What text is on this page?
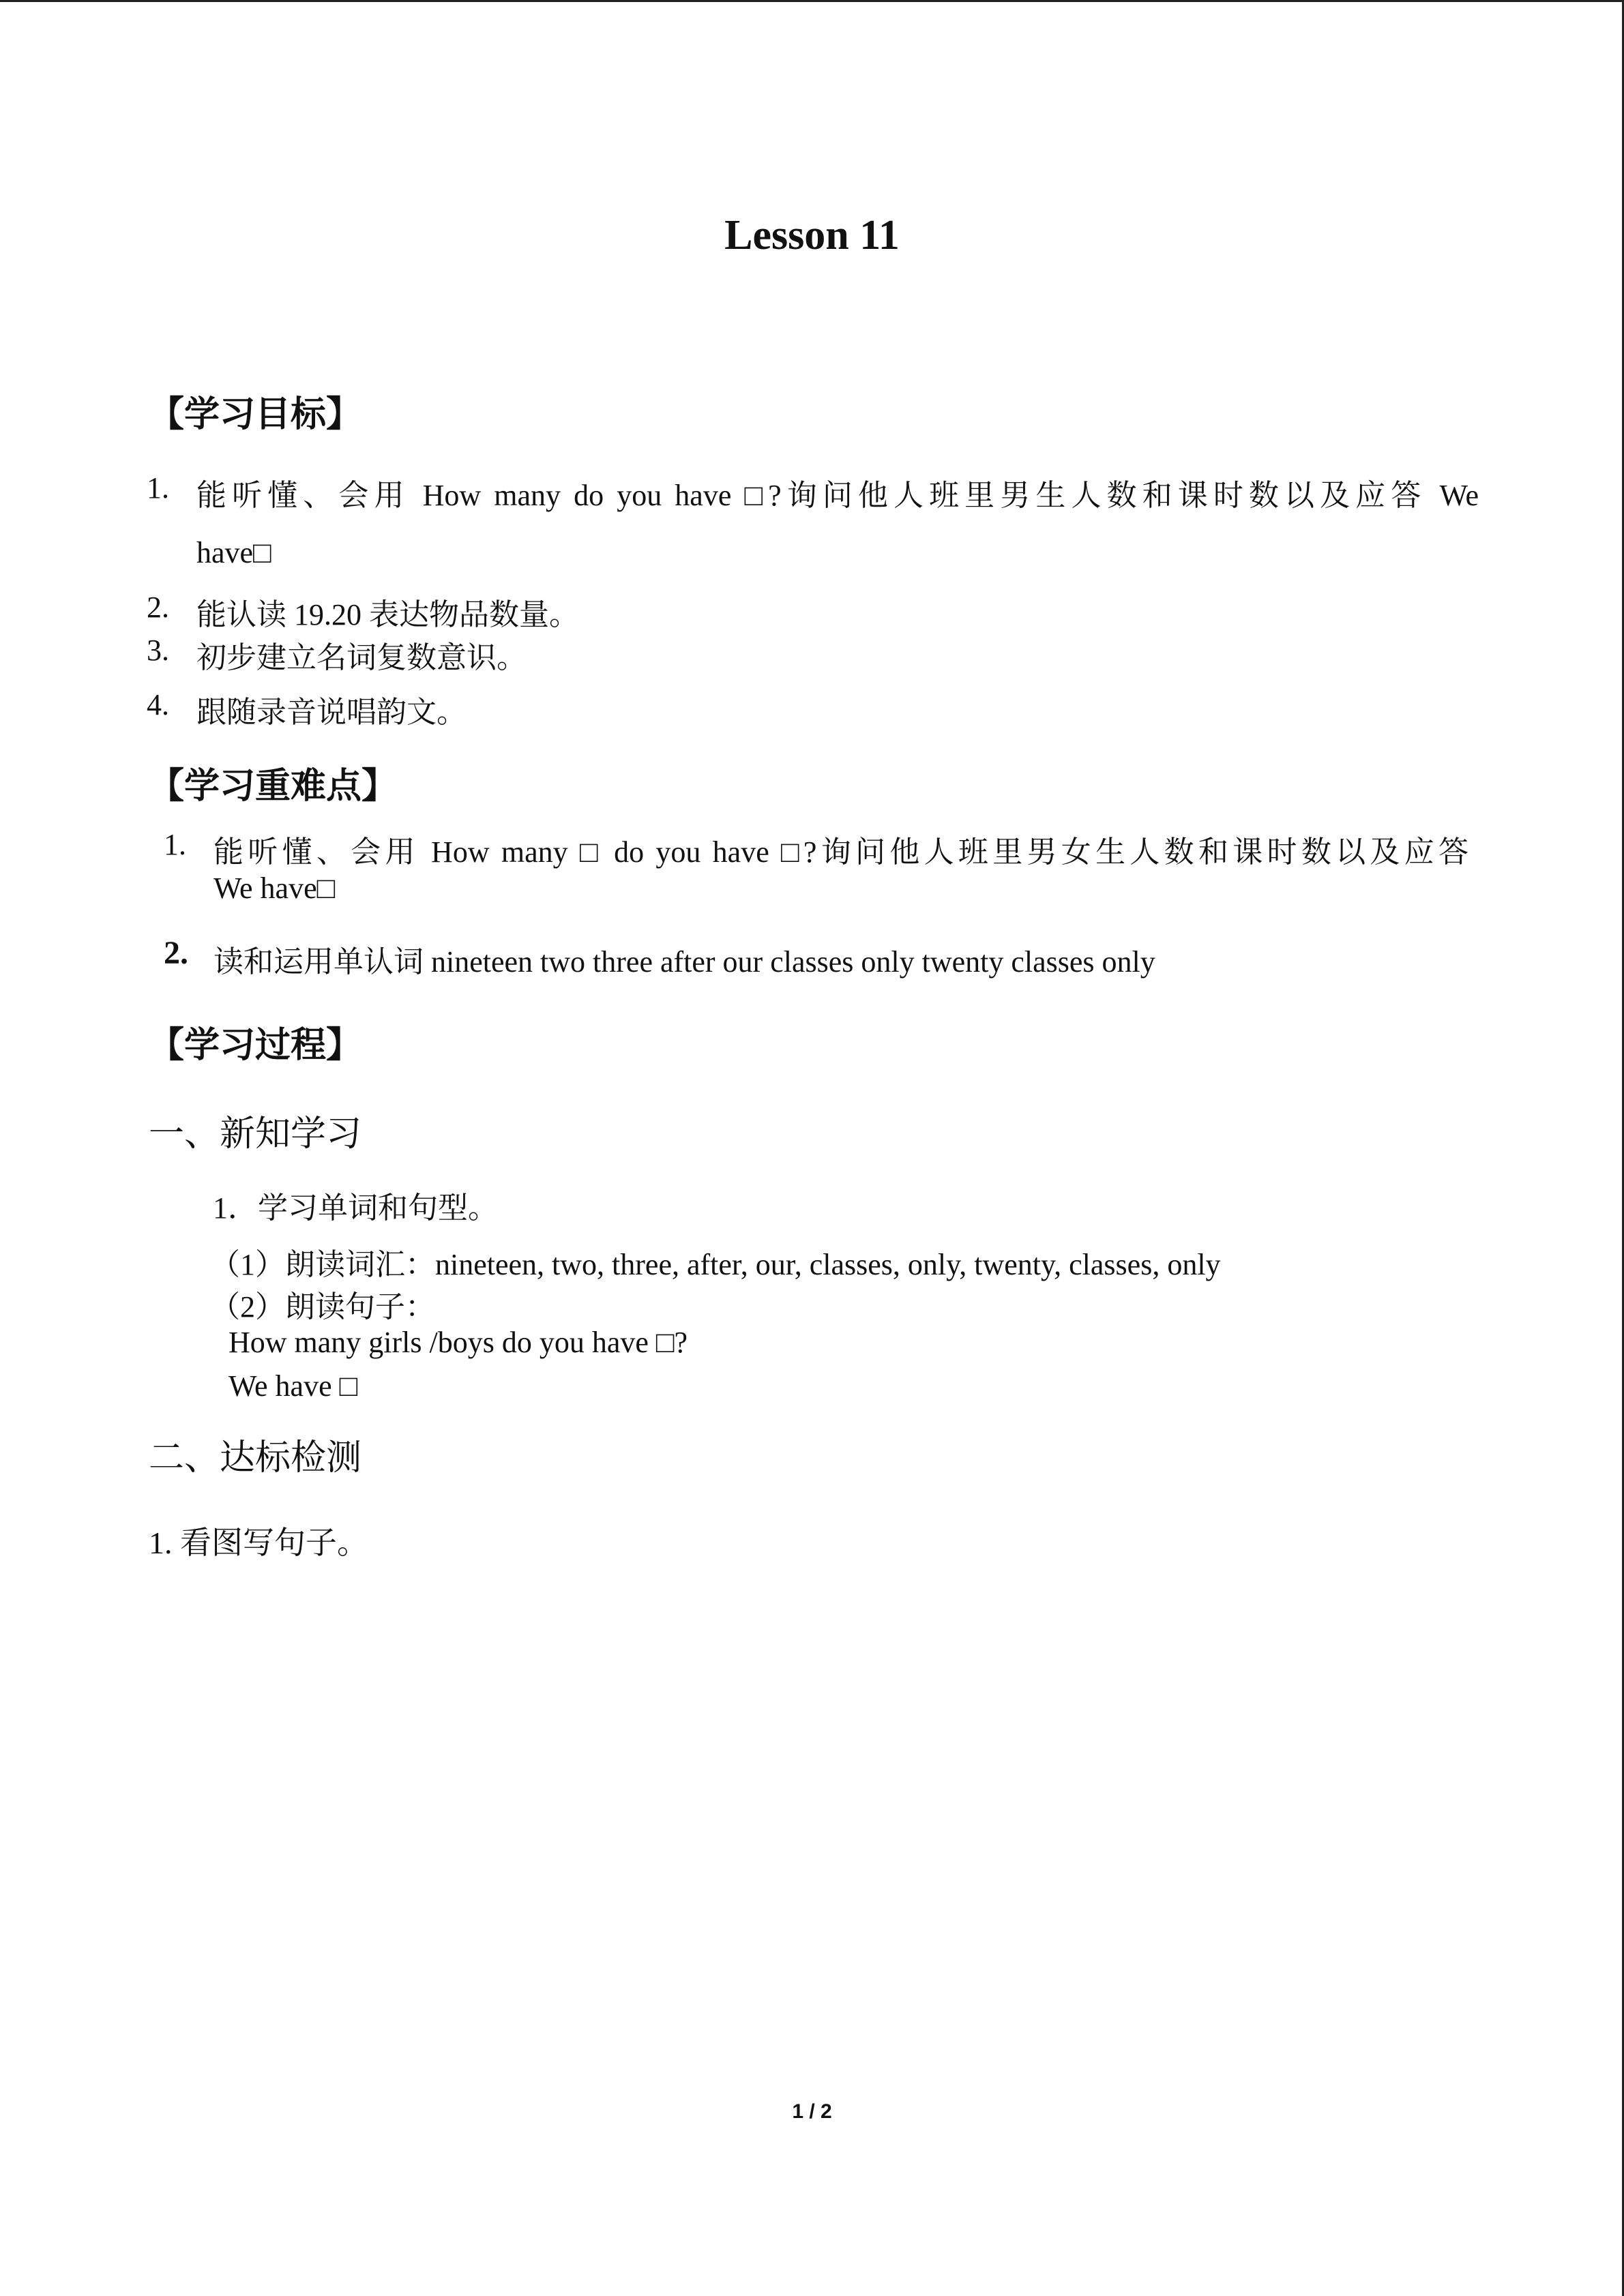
Lesson 11
【学习目标】
1. 能听懂、会用 How many do you have □?询问他人班里男生人数和课时数以及应答 We
have□
2. 能认读 19.20 表达物品数量。
3. 初步建立名词复数意识。
4. 跟随录音说唱韵文。
【学习重难点】
1. 能听懂、会用 How many □ do you have □?询问他人班里男女生人数和课时数以及应答
We have□
2. 读和运用单认词 nineteen two three after our classes only twenty classes only
【学习过程】
一、新知学习
1．学习单词和句型。
（1）朗读词汇：nineteen, two, three, after, our, classes, only, twenty, classes, only
（2）朗读句子：
How many girls /boys do you have □?
We have □
二、达标检测
1. 看图写句子。
1 / 2
